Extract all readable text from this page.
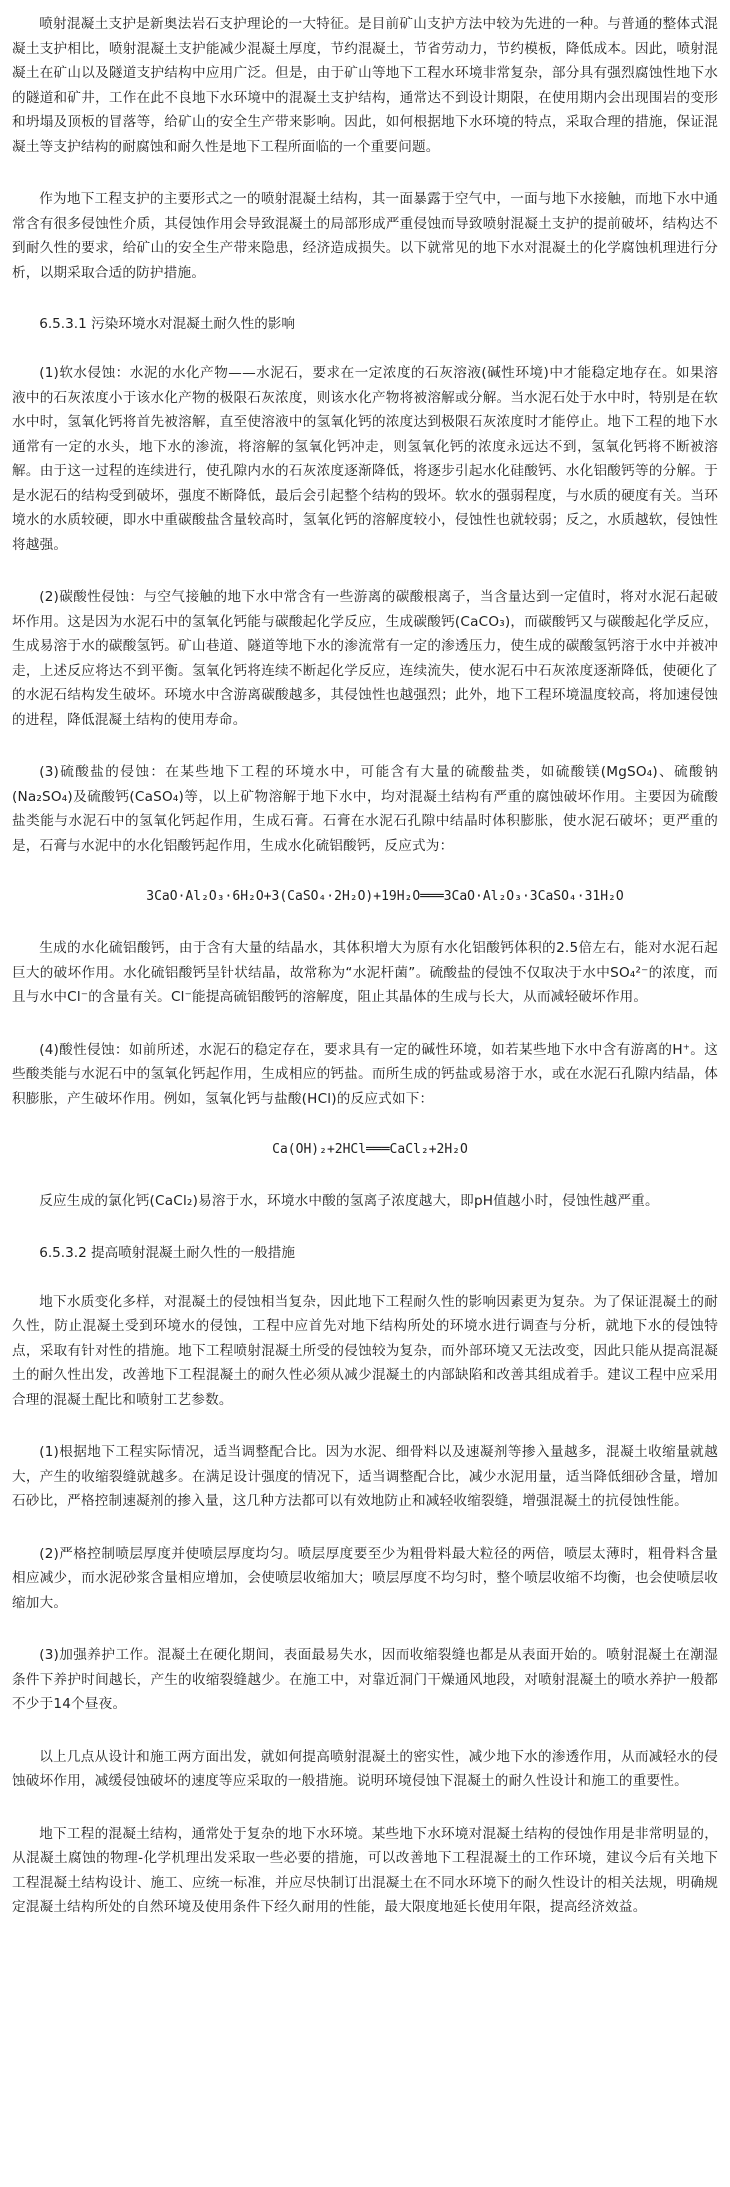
喷射混凝土支护是新奥法岩石支护理论的一大特征。是目前矿山支护方法中较为先进的一种。与普通的整体式混凝土支护相比，喷射混凝土支护能减少混凝土厚度，节约混凝土，节省劳动力，节约模板，降低成本。因此，喷射混凝土在矿山以及隧道支护结构中应用广泛。但是，由于矿山等地下工程水环境非常复杂，部分具有强烈腐蚀性地下水的隧道和矿井，工作在此不良地下水环境中的混凝土支护结构，通常达不到设计期限，在使用期内会出现围岩的变形和坍塌及顶板的冒落等，给矿山的安全生产带来影响。因此，如何根据地下水环境的特点，采取合理的措施，保证混凝土等支护结构的耐腐蚀和耐久性是地下工程所面临的一个重要问题。

作为地下工程支护的主要形式之一的喷射混凝土结构，其一面暴露于空气中，一面与地下水接触，而地下水中通常含有很多侵蚀性介质，其侵蚀作用会导致混凝土的局部形成严重侵蚀而导致喷射混凝土支护的提前破坏，结构达不到耐久性的要求，给矿山的安全生产带来隐患，经济造成损失。以下就常见的地下水对混凝土的化学腐蚀机理进行分析，以期采取合适的防护措施。

6.5.3.1 污染环境水对混凝土耐久性的影响

(1)软水侵蚀：水泥的水化产物——水泥石，要求在一定浓度的石灰溶液(碱性环境)中才能稳定地存在。如果溶液中的石灰浓度小于该水化产物的极限石灰浓度，则该水化产物将被溶解或分解。当水泥石处于水中时，特别是在软水中时，氢氧化钙将首先被溶解，直至使溶液中的氢氧化钙的浓度达到极限石灰浓度时才能停止。地下工程的地下水通常有一定的水头，地下水的渗流，将溶解的氢氧化钙冲走，则氢氧化钙的浓度永远达不到，氢氧化钙将不断被溶解。由于这一过程的连续进行，使孔隙内水的石灰浓度逐渐降低，将逐步引起水化硅酸钙、水化铝酸钙等的分解。于是水泥石的结构受到破坏，强度不断降低，最后会引起整个结构的毁坏。软水的强弱程度，与水质的硬度有关。当环境水的水质较硬，即水中重碳酸盐含量较高时，氢氧化钙的溶解度较小，侵蚀性也就较弱；反之，水质越软，侵蚀性将越强。

(2)碳酸性侵蚀：与空气接触的地下水中常含有一些游离的碳酸根离子，当含量达到一定值时，将对水泥石起破坏作用。这是因为水泥石中的氢氧化钙能与碳酸起化学反应，生成碳酸钙(CaCO₃)，而碳酸钙又与碳酸起化学反应，生成易溶于水的碳酸氢钙。矿山巷道、隧道等地下水的渗流常有一定的渗透压力，使生成的碳酸氢钙溶于水中并被冲走，上述反应将达不到平衡。氢氧化钙将连续不断起化学反应，连续流失，使水泥石中石灰浓度逐渐降低，使硬化了的水泥石结构发生破坏。环境水中含游离碳酸越多，其侵蚀性也越强烈；此外，地下工程环境温度较高，将加速侵蚀的进程，降低混凝土结构的使用寿命。

(3)硫酸盐的侵蚀：在某些地下工程的环境水中，可能含有大量的硫酸盐类，如硫酸镁(MgSO₄)、硫酸钠(Na₂SO₄)及硫酸钙(CaSO₄)等，以上矿物溶解于地下水中，均对混凝土结构有严重的腐蚀破坏作用。主要因为硫酸盐类能与水泥石中的氢氧化钙起作用，生成石膏。石膏在水泥石孔隙中结晶时体积膨胀，使水泥石破坏；更严重的是，石膏与水泥中的水化铝酸钙起作用，生成水化硫铝酸钙，反应式为：

3CaO·Al₂O₃·6H₂O+3(CaSO₄·2H₂O)+19H₂O═══3CaO·Al₂O₃·3CaSO₄·31H₂O

生成的水化硫铝酸钙，由于含有大量的结晶水，其体积增大为原有水化铝酸钙体积的2.5倍左右，能对水泥石起巨大的破坏作用。水化硫铝酸钙呈针状结晶，故常称为“水泥杆菌”。硫酸盐的侵蚀不仅取决于水中SO₄²⁻的浓度，而且与水中Cl⁻的含量有关。Cl⁻能提高硫铝酸钙的溶解度，阻止其晶体的生成与长大，从而减轻破坏作用。

(4)酸性侵蚀：如前所述，水泥石的稳定存在，要求具有一定的碱性环境，如若某些地下水中含有游离的H⁺。这些酸类能与水泥石中的氢氧化钙起作用，生成相应的钙盐。而所生成的钙盐或易溶于水，或在水泥石孔隙内结晶，体积膨胀，产生破坏作用。例如，氢氧化钙与盐酸(HCl)的反应式如下：

Ca(OH)₂+2HCl═══CaCl₂+2H₂O

反应生成的氯化钙(CaCl₂)易溶于水，环境水中酸的氢离子浓度越大，即pH值越小时，侵蚀性越严重。

6.5.3.2 提高喷射混凝土耐久性的一般措施

地下水质变化多样，对混凝土的侵蚀相当复杂，因此地下工程耐久性的影响因素更为复杂。为了保证混凝土的耐久性，防止混凝土受到环境水的侵蚀，工程中应首先对地下结构所处的环境水进行调查与分析，就地下水的侵蚀特点，采取有针对性的措施。地下工程喷射混凝土所受的侵蚀较为复杂，而外部环境又无法改变，因此只能从提高混凝土的耐久性出发，改善地下工程混凝土的耐久性必须从减少混凝土的内部缺陷和改善其组成着手。建议工程中应采用合理的混凝土配比和喷射工艺参数。

(1)根据地下工程实际情况，适当调整配合比。因为水泥、细骨料以及速凝剂等掺入量越多，混凝土收缩量就越大，产生的收缩裂缝就越多。在满足设计强度的情况下，适当调整配合比，减少水泥用量，适当降低细砂含量，增加石砂比，严格控制速凝剂的掺入量，这几种方法都可以有效地防止和减轻收缩裂缝，增强混凝土的抗侵蚀性能。

(2)严格控制喷层厚度并使喷层厚度均匀。喷层厚度要至少为粗骨料最大粒径的两倍，喷层太薄时，粗骨料含量相应减少，而水泥砂浆含量相应增加，会使喷层收缩加大；喷层厚度不均匀时，整个喷层收缩不均衡，也会使喷层收缩加大。

(3)加强养护工作。混凝土在硬化期间，表面最易失水，因而收缩裂缝也都是从表面开始的。喷射混凝土在潮湿条件下养护时间越长，产生的收缩裂缝越少。在施工中，对靠近洞门干燥通风地段，对喷射混凝土的喷水养护一般都不少于14个昼夜。

以上几点从设计和施工两方面出发，就如何提高喷射混凝土的密实性，减少地下水的渗透作用，从而减轻水的侵蚀破坏作用，减缓侵蚀破坏的速度等应采取的一般措施。说明环境侵蚀下混凝土的耐久性设计和施工的重要性。

地下工程的混凝土结构，通常处于复杂的地下水环境。某些地下水环境对混凝土结构的侵蚀作用是非常明显的，从混凝土腐蚀的物理-化学机理出发采取一些必要的措施，可以改善地下工程混凝土的工作环境，建议今后有关地下工程混凝土结构设计、施工、应统一标准，并应尽快制订出混凝土在不同水环境下的耐久性设计的相关法规，明确规定混凝土结构所处的自然环境及使用条件下经久耐用的性能，最大限度地延长使用年限，提高经济效益。
